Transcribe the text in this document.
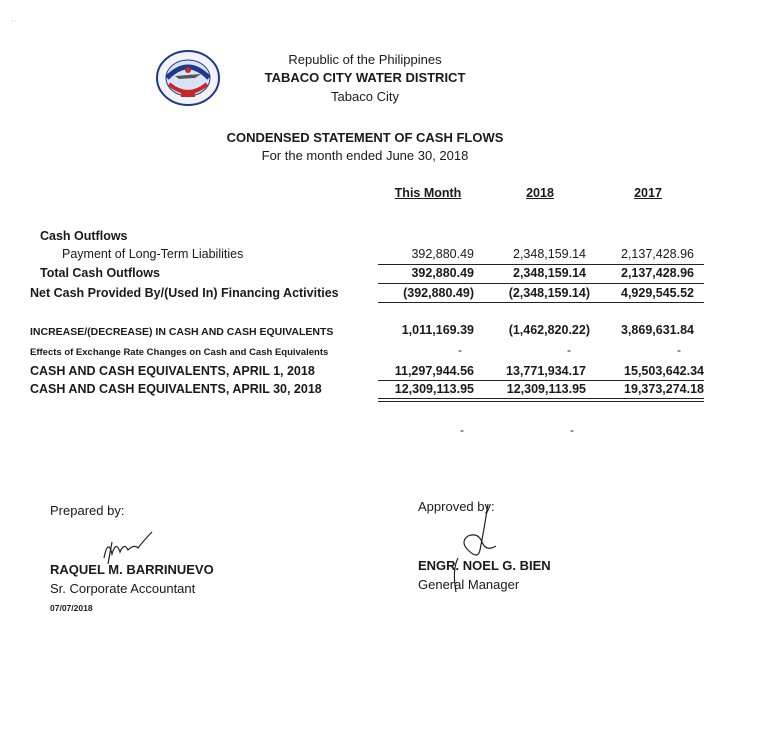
' '
Republic of the Philippines
TABACO CITY WATER DISTRICT
Tabaco City
CONDENSED STATEMENT OF CASH FLOWS
For the month ended June 30, 2018
This Month	2018	2017
Cash Outflows
Payment of Long-Term Liabilities	392,880.49	2,348,159.14	2,137,428.96
Total Cash Outflows	392,880.49	2,348,159.14	2,137,428.96
Net Cash Provided By/(Used In) Financing Activities	(392,880.49)	(2,348,159.14)	4,929,545.52
INCREASE/(DECREASE) IN CASH AND CASH EQUIVALENTS	1,011,169.39	(1,462,820.22)	3,869,631.84
Effects of Exchange Rate Changes on Cash and Cash Equivalents	-	-	-
CASH AND CASH EQUIVALENTS, APRIL 1, 2018	11,297,944.56	13,771,934.17	15,503,642.34
CASH AND CASH EQUIVALENTS, APRIL 30, 2018	12,309,113.95	12,309,113.95	19,373,274.18
-	-
Prepared by:
RAQUEL M. BARRINUEVO
Sr. Corporate Accountant
07/07/2018
Approved by:
ENGR. NOEL G. BIEN
General Manager
